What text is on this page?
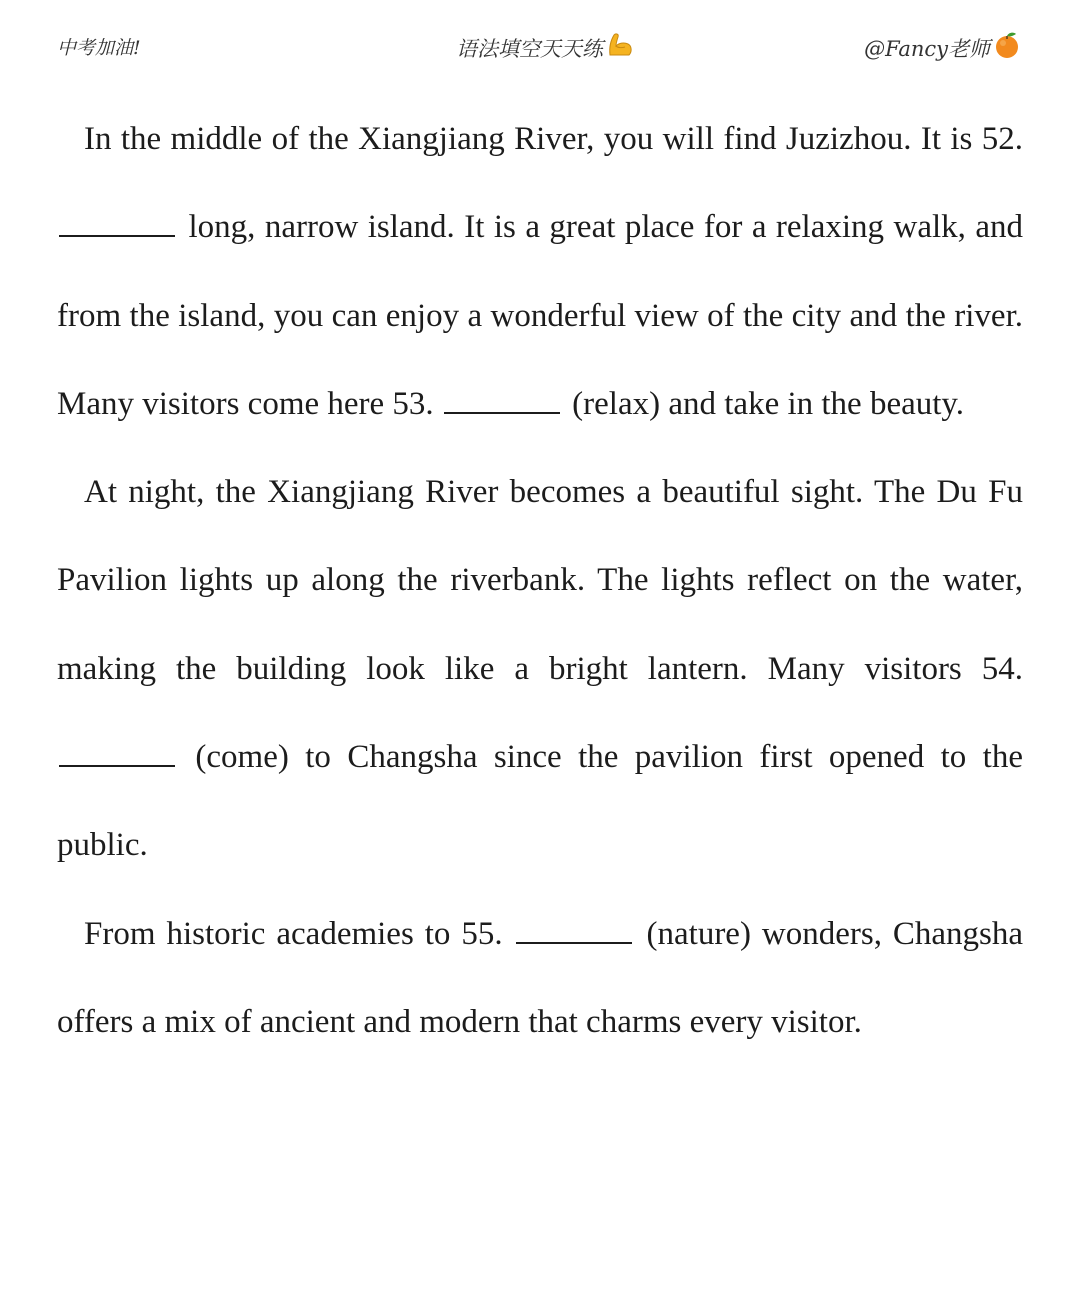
中考加油!	语法填空天天练	@Fancy老师

In the middle of the Xiangjiang River, you will find Juzizhou. It is 52.  long, narrow island. It is a great place for a relaxing walk, and from the island, you can enjoy a wonderful view of the city and the river. Many visitors come here 53.	(relax) and take in the beauty.

At night, the Xiangjiang River becomes a beautiful sight. The Du Fu Pavilion lights up along the riverbank. The lights reflect on the water, making the building look like a bright lantern. Many visitors 54.  (come) to Changsha since the pavilion first opened to the public.

From historic academies to 55.	(nature) wonders, Changsha offers a mix of ancient and modern that charms every visitor.
